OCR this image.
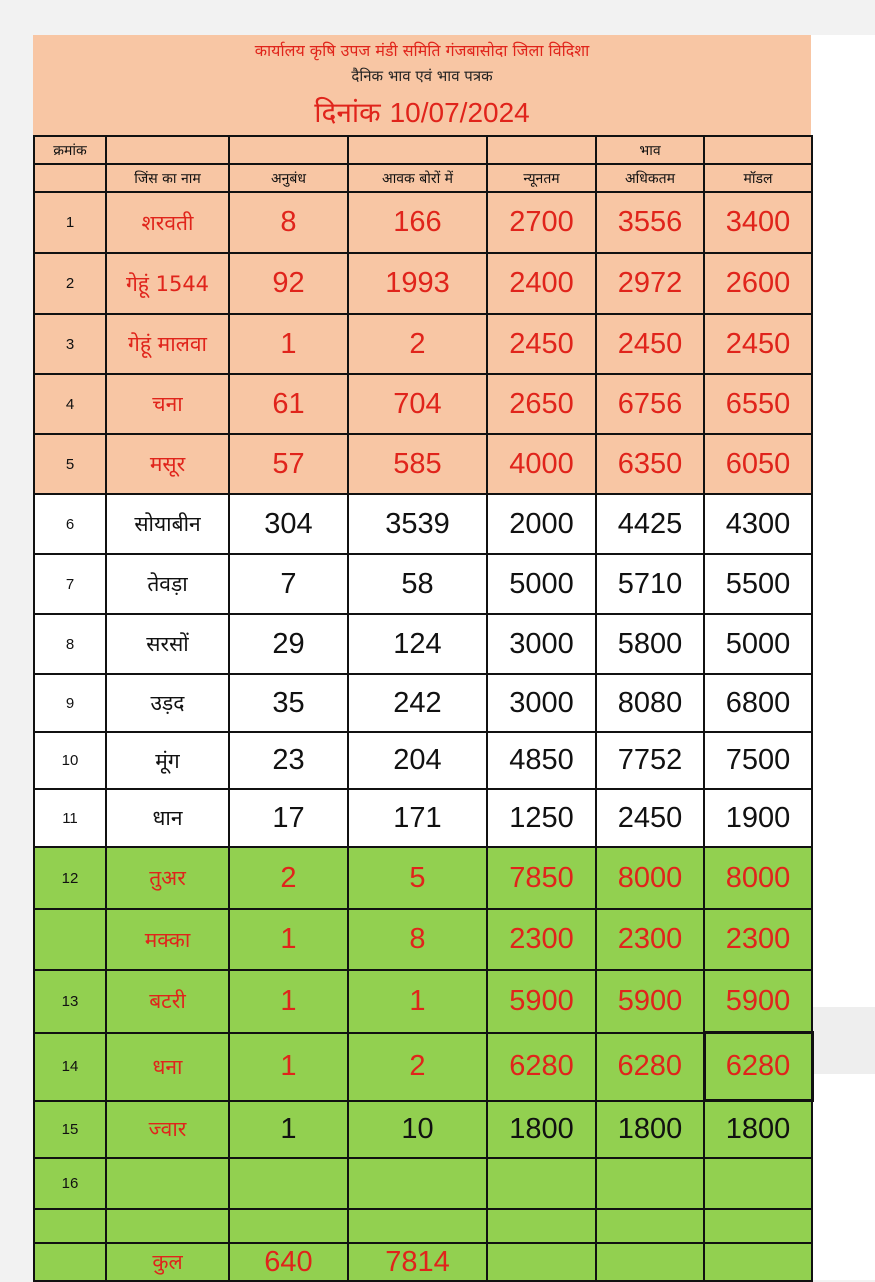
कार्यालय कृषि उपज मंडी समिति गंजबासोदा जिला विदिशा
दैनिक भाव एवं भाव पत्रक
दिनांक 10/07/2024
क्रमांक					भाव	
	जिंस का नाम	अनुबंध	आवक बोरों में	न्यूनतम	अधिकतम	मॉडल
1	शरवती	8	166	2700	3556	3400
2	गेहूं 1544	92	1993	2400	2972	2600
3	गेहूं मालवा	1	2	2450	2450	2450
4	चना	61	704	2650	6756	6550
5	मसूर	57	585	4000	6350	6050
6	सोयाबीन	304	3539	2000	4425	4300
7	तेवड़ा	7	58	5000	5710	5500
8	सरसों	29	124	3000	5800	5000
9	उड़द	35	242	3000	8080	6800
10	मूंग	23	204	4850	7752	7500
11	धान	17	171	1250	2450	1900
12	तुअर	2	5	7850	8000	8000
	मक्का	1	8	2300	2300	2300
13	बटरी	1	1	5900	5900	5900
14	धना	1	2	6280	6280	6280
15	ज्वार	1	10	1800	1800	1800
16						

	कुल	640	7814			
